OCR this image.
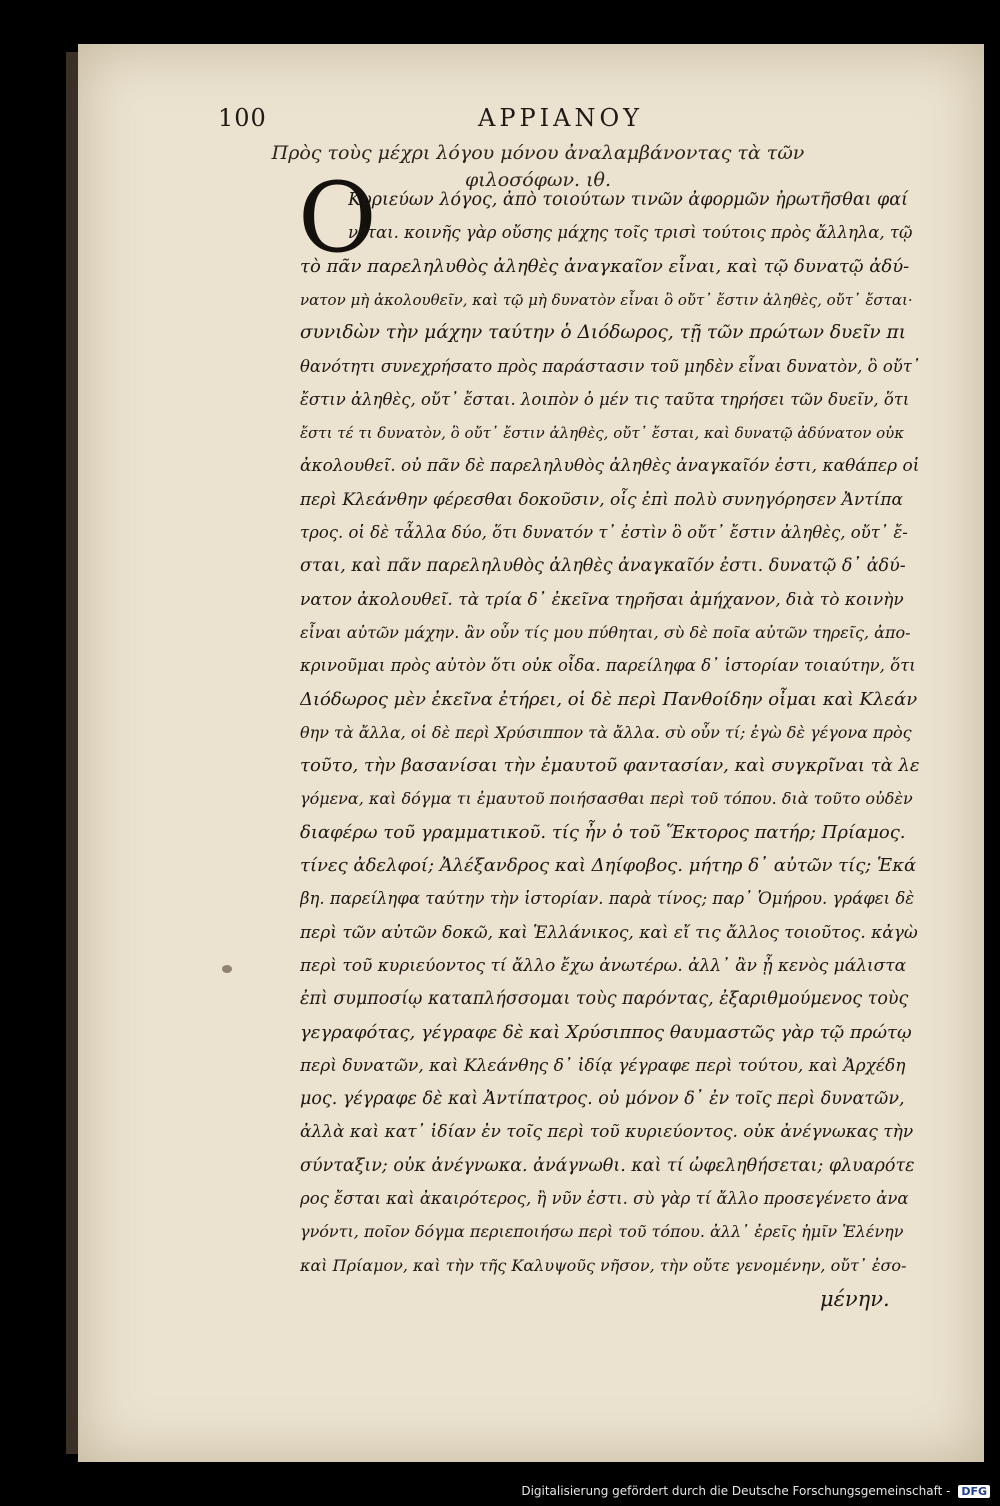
100	ΑΡΡΙΑΝΟΥ
Πρὸς τοὺς μέχρι λόγου μόνου ἀναλαμβάνοντας τὰ τῶν
φιλοσόφων. ιθ.
Ο
Κυριεύων λόγος, ἀπὸ τοιούτων τινῶν ἀφορμῶν ἠρωτῆσθαι φαί
νεται. κοινῆς γὰρ οὔσης μάχης τοῖς τρισὶ τούτοις πρὸς ἄλληλα, τῷ
τὸ πᾶν παρεληλυθὸς ἀληθὲς ἀναγκαῖον εἶναι, καὶ τῷ δυνατῷ ἀδύ-
νατον μὴ ἀκολουθεῖν, καὶ τῷ μὴ δυνατὸν εἶναι ὃ οὔτ᾽ ἔστιν ἀληθὲς, οὔτ᾽ ἔσται·
συνιδὼν τὴν μάχην ταύτην ὁ Διόδωρος, τῇ τῶν πρώτων δυεῖν πι
θανότητι συνεχρήσατο πρὸς παράστασιν τοῦ μηδὲν εἶναι δυνατὸν, ὃ οὔτ᾽
ἔστιν ἀληθὲς, οὔτ᾽ ἔσται. λοιπὸν ὁ μέν τις ταῦτα τηρήσει τῶν δυεῖν, ὅτι
ἔστι τέ τι δυνατὸν, ὃ οὔτ᾽ ἔστιν ἀληθὲς, οὔτ᾽ ἔσται, καὶ δυνατῷ ἀδύνατον οὐκ
ἀκολουθεῖ. οὐ πᾶν δὲ παρεληλυθὸς ἀληθὲς ἀναγκαῖόν ἐστι, καθάπερ οἱ
περὶ Κλεάνθην φέρεσθαι δοκοῦσιν, οἷς ἐπὶ πολὺ συνηγόρησεν Ἀντίπα
τρος. οἱ δὲ τἆλλα δύο, ὅτι δυνατόν τ᾽ ἐστὶν ὃ οὔτ᾽ ἔστιν ἀληθὲς, οὔτ᾽ ἔ-
σται, καὶ πᾶν παρεληλυθὸς ἀληθὲς ἀναγκαῖόν ἐστι. δυνατῷ δ᾽ ἀδύ-
νατον ἀκολουθεῖ. τὰ τρία δ᾽ ἐκεῖνα τηρῆσαι ἀμήχανον, διὰ τὸ κοινὴν
εἶναι αὐτῶν μάχην. ἂν οὖν τίς μου πύθηται, σὺ δὲ ποῖα αὐτῶν τηρεῖς, ἀπο-
κρινοῦμαι πρὸς αὐτὸν ὅτι οὐκ οἶδα. παρείληφα δ᾽ ἱστορίαν τοιαύτην, ὅτι
Διόδωρος μὲν ἐκεῖνα ἐτήρει, οἱ δὲ περὶ Πανθοίδην οἶμαι καὶ Κλεάν
θην τὰ ἄλλα, οἱ δὲ περὶ Χρύσιππον τὰ ἄλλα. σὺ οὖν τί; ἐγὼ δὲ γέγονα πρὸς
τοῦτο, τὴν βασανίσαι τὴν ἐμαυτοῦ φαντασίαν, καὶ συγκρῖναι τὰ λε
γόμενα, καὶ δόγμα τι ἐμαυτοῦ ποιήσασθαι περὶ τοῦ τόπου. διὰ τοῦτο οὐδὲν
διαφέρω τοῦ γραμματικοῦ. τίς ἦν ὁ τοῦ Ἕκτορος πατήρ; Πρίαμος.
τίνες ἀδελφοί; Ἀλέξανδρος καὶ Δηίφοβος. μήτηρ δ᾽ αὐτῶν τίς; Ἑκά
βη. παρείληφα ταύτην τὴν ἱστορίαν. παρὰ τίνος; παρ᾽ Ὁμήρου. γράφει δὲ
περὶ τῶν αὐτῶν δοκῶ, καὶ Ἑλλάνικος, καὶ εἴ τις ἄλλος τοιοῦτος. κἀγὼ
περὶ τοῦ κυριεύοντος τί ἄλλο ἔχω ἀνωτέρω. ἀλλ᾽ ἂν ᾖ κενὸς μάλιστα
ἐπὶ συμποσίῳ καταπλήσσομαι τοὺς παρόντας, ἐξαριθμούμενος τοὺς
γεγραφότας, γέγραφε δὲ καὶ Χρύσιππος θαυμαστῶς γὰρ τῷ πρώτῳ
περὶ δυνατῶν, καὶ Κλεάνθης δ᾽ ἰδίᾳ γέγραφε περὶ τούτου, καὶ Ἀρχέδη
μος. γέγραφε δὲ καὶ Ἀντίπατρος. οὐ μόνον δ᾽ ἐν τοῖς περὶ δυνατῶν,
ἀλλὰ καὶ κατ᾽ ἰδίαν ἐν τοῖς περὶ τοῦ κυριεύοντος. οὐκ ἀνέγνωκας τὴν
σύνταξιν; οὐκ ἀνέγνωκα. ἀνάγνωθι. καὶ τί ὠφεληθήσεται; φλυαρότε
ρος ἔσται καὶ ἀκαιρότερος, ἢ νῦν ἐστι. σὺ γὰρ τί ἄλλο προσεγένετο ἀνα
γνόντι, ποῖον δόγμα περιεποιήσω περὶ τοῦ τόπου. ἀλλ᾽ ἐρεῖς ἡμῖν Ἑλένην
καὶ Πρίαμον, καὶ τὴν τῆς Καλυψοῦς νῆσον, τὴν οὔτε γενομένην, οὔτ᾽ ἐσο-
μένην.
Digitalisierung gefördert durch die Deutsche Forschungsgemeinschaft - DFG
